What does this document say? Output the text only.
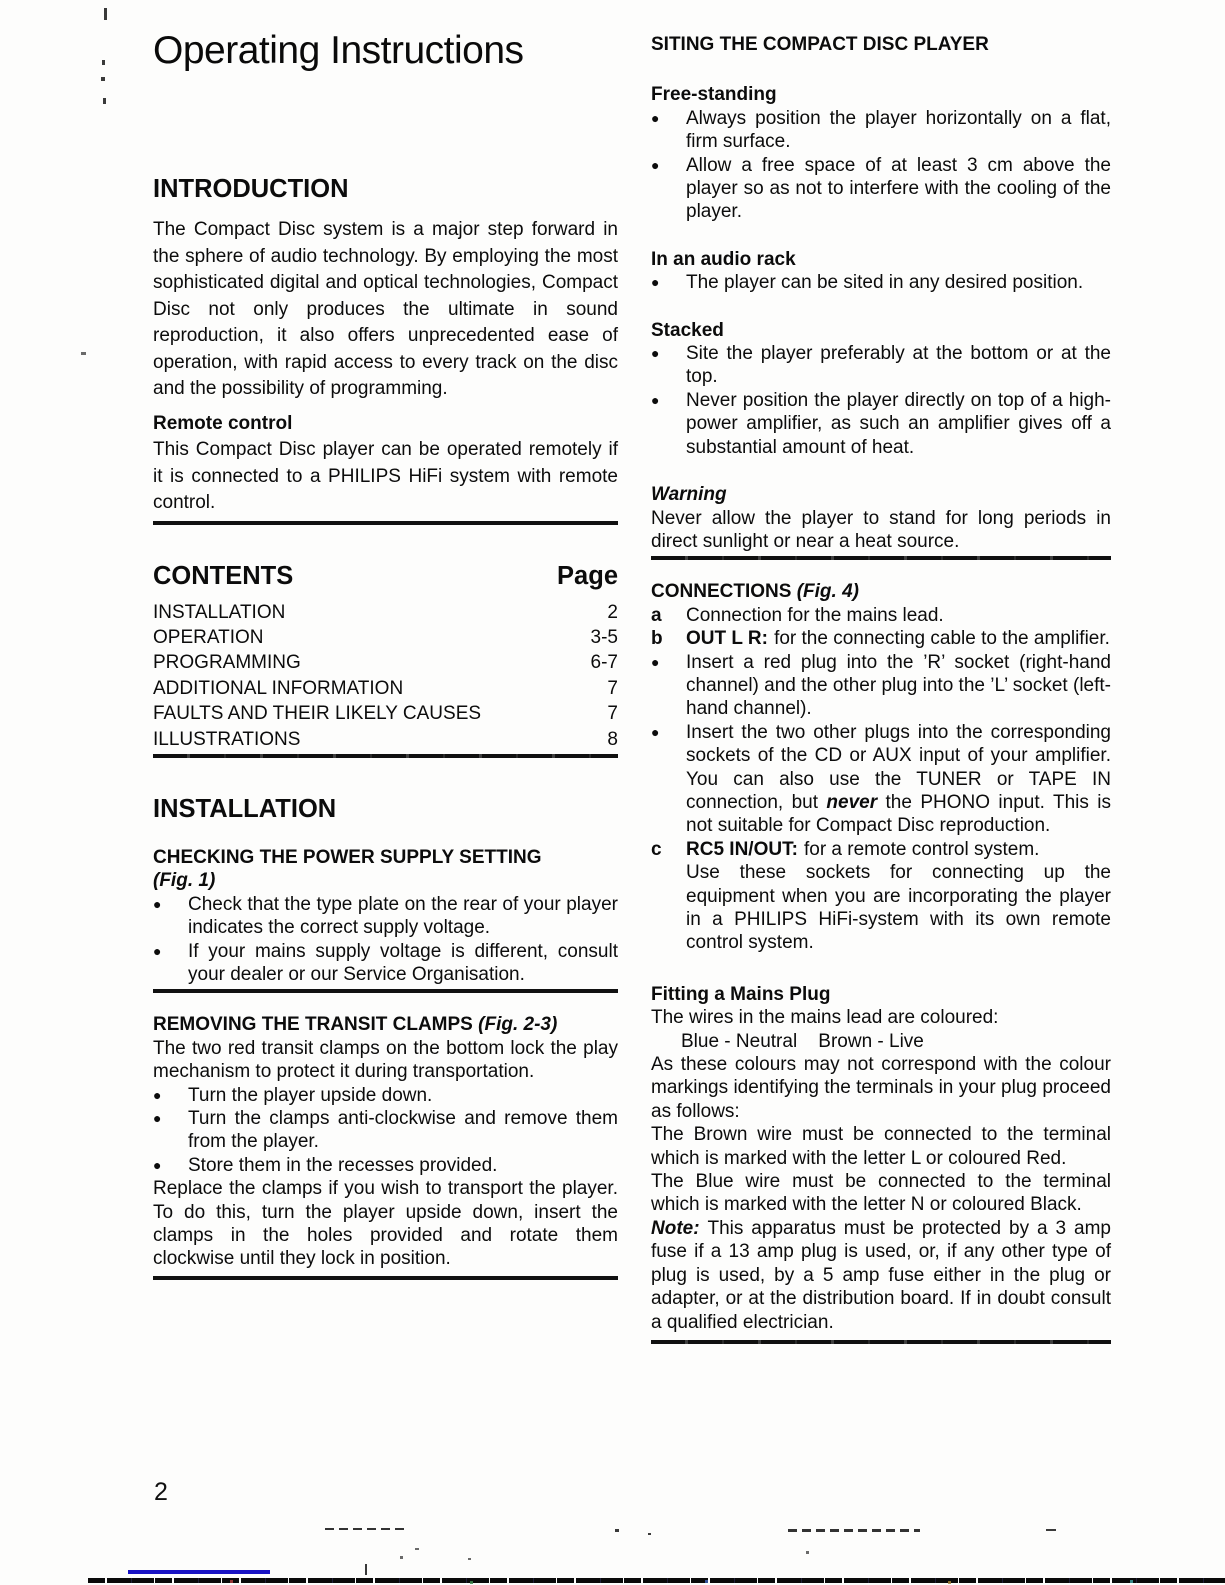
Operating Instructions
INTRODUCTION

The Compact Disc system is a major step forward in the sphere of audio technology. By employing the most sophisticated digital and optical technologies, Compact Disc not only produces the ultimate in sound reproduction, it also offers unprecedented ease of operation, with rapid access to every track on the disc and the possibility of programming.

Remote control

This Compact Disc player can be operated remotely if it is connected to a PHILIPS HiFi system with remote control.

CONTENTS	Page
INSTALLATION	2
OPERATION	3-5
PROGRAMMING	6-7
ADDITIONAL INFORMATION	7
FAULTS AND THEIR LIKELY CAUSES	7
ILLUSTRATIONS	8
INSTALLATION
CHECKING THE POWER SUPPLY SETTING
(Fig. 1)
●	Check that the type plate on the rear of your player indicates the correct supply voltage.
●	If your mains supply voltage is different, consult your dealer or our Service Organisation.
REMOVING THE TRANSIT CLAMPS (Fig. 2-3)

The two red transit clamps on the bottom lock the play mechanism to protect it during transportation.

●	Turn the player upside down.
●	Turn the clamps anti-clockwise and remove them from the player.
●	Store them in the recesses provided.

Replace the clamps if you wish to transport the player. To do this, turn the player upside down, insert the clamps in the holes provided and rotate them clockwise until they lock in position.

SITING THE COMPACT DISC PLAYER
Free-standing
●	Always position the player horizontally on a flat, firm surface.
●	Allow a free space of at least 3 cm above the player so as not to interfere with the cooling of the player.
In an audio rack
●	The player can be sited in any desired position.
Stacked
●	Site the player preferably at the bottom or at the top.
●	Never position the player directly on top of a high-power amplifier, as such an amplifier gives off a substantial amount of heat.
Warning

Never allow the player to stand for long periods in direct sunlight or near a heat source.

CONNECTIONS (Fig. 4)
a	Connection for the mains lead.
b	OUT L R: for the connecting cable to the amplifier.
●	Insert a red plug into the ’R’ socket (right-hand channel) and the other plug into the ’L’ socket (left-hand channel).
●	Insert the two other plugs into the corresponding sockets of the CD or AUX input of your amplifier. You can also use the TUNER or TAPE IN connection, but never the PHONO input. This is not suitable for Compact Disc reproduction.
c	RC5 IN/OUT: for a remote control system.

Use these sockets for connecting up the equipment when you are incorporating the player in a PHILIPS HiFi-system with its own remote control system.

Fitting a Mains Plug

The wires in the mains lead are coloured:

Blue - Neutral    Brown - Live

As these colours may not correspond with the colour markings identifying the terminals in your plug proceed as follows:

The Brown wire must be connected to the terminal which is marked with the letter L or coloured Red.

The Blue wire must be connected to the terminal which is marked with the letter N or coloured Black.

Note: This apparatus must be protected by a 3 amp fuse if a 13 amp plug is used, or, if any other type of plug is used, by a 5 amp fuse either in the plug or adapter, or at the distribution board. If in doubt consult a qualified electrician.

2
